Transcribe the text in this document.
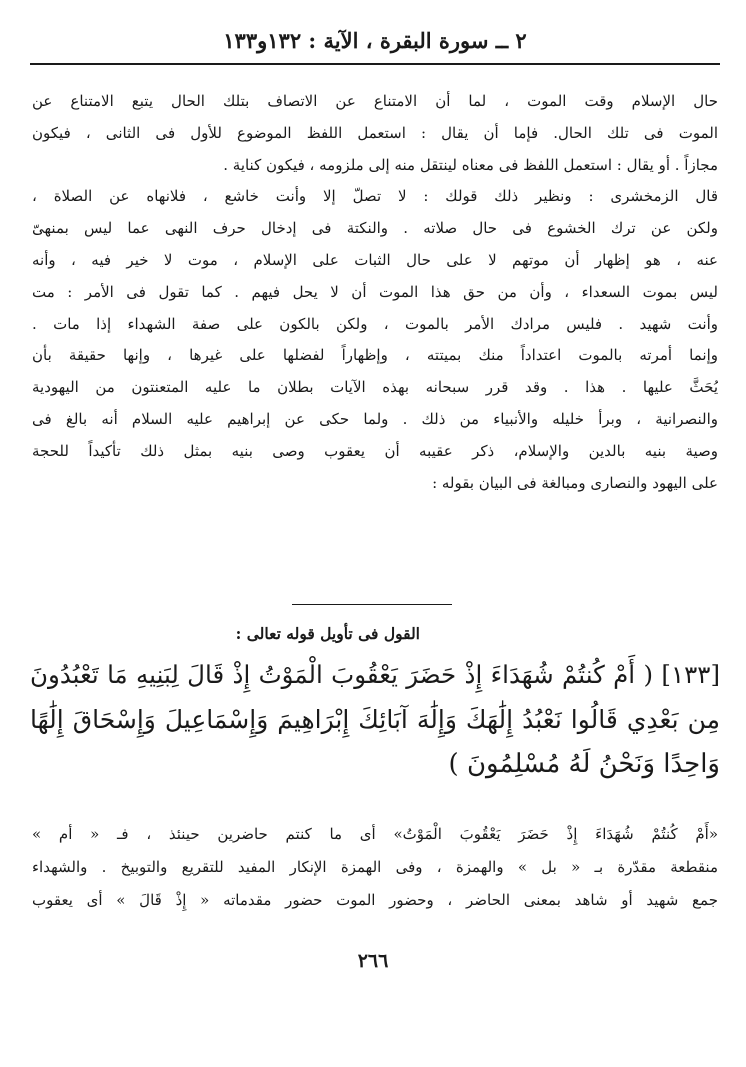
٢ ــ سورة البقرة ، الآية : ١٣٢و١٣٣
حال الإسلام وقت الموت ، لما أن الامتناع عن الاتصاف بتلك الحال يتبع الامتناع عن
الموت فى تلك الحال. فإما أن يقال : استعمل اللفظ الموضوع للأول فى الثانى ، فيكون
مجازاً . أو يقال : استعمل اللفظ فى معناه لينتقل منه إلى ملزومه ، فيكون كناية .
قال الزمخشرى : ونظير ذلك قولك : لا تصلّ إلا وأنت خاشع ، فلانهاه عن الصلاة ،
ولكن عن ترك الخشوع فى حال صلاته . والنكتة فى إدخال حرف النهى عما ليس بمنهىّ
عنه ، هو إظهار أن موتهم لا على حال الثبات على الإسلام ، موت لا خير فيه ، وأنه
ليس بموت السعداء ، وأن من حق هذا الموت أن لا يحل فيهم . كما تقول فى الأمر : مت
وأنت شهيد . فليس مرادك الأمر بالموت ، ولكن بالكون على صفة الشهداء إذا مات .
وإنما أمرته بالموت اعتداداً منك بميتته ، وإظهاراً لفضلها على غيرها ، وإنها حقيقة بأن
يُحَثَّ عليها . هذا . وقد قرر سبحانه بهذه الآيات بطلان ما عليه المتعنتون من اليهودية
والنصرانية ، وبرأ خليله والأنبياء من ذلك . ولما حكى عن إبراهيم عليه السلام أنه بالغ فى
وصية بنيه بالدين والإسلام، ذكر عقيبه أن يعقوب وصى بنيه بمثل ذلك تأكيداً للحجة
على اليهود والنصارى ومبالغة فى البيان بقوله :
القول فى تأويل قوله تعالى :
[١٣٣] ( أَمْ كُنتُمْ شُهَدَاءَ إِذْ حَضَرَ يَعْقُوبَ الْمَوْتُ إِذْ قَالَ لِبَنِيهِ مَا تَعْبُدُونَ
مِن بَعْدِي قَالُوا نَعْبُدُ إِلَٰهَكَ وَإِلَٰهَ آبَائِكَ إِبْرَاهِيمَ وَإِسْمَاعِيلَ وَإِسْحَاقَ إِلَٰهًا
وَاحِدًا وَنَحْنُ لَهُ مُسْلِمُونَ )
«أَمْ كُنتُمْ شُهَدَاءَ إِذْ حَضَرَ يَعْقُوبَ الْمَوْتُ» أى ما كنتم حاضرين حينئذ ، فـ « أم »
منقطعة مقدّرة بـ « بل » والهمزة ، وفى الهمزة الإنكار المفيد للتقريع والتوبيخ . والشهداء
جمع شهيد أو شاهد بمعنى الحاضر ، وحضور الموت حضور مقدماته « إِذْ قَالَ » أى يعقوب
٢٦٦
